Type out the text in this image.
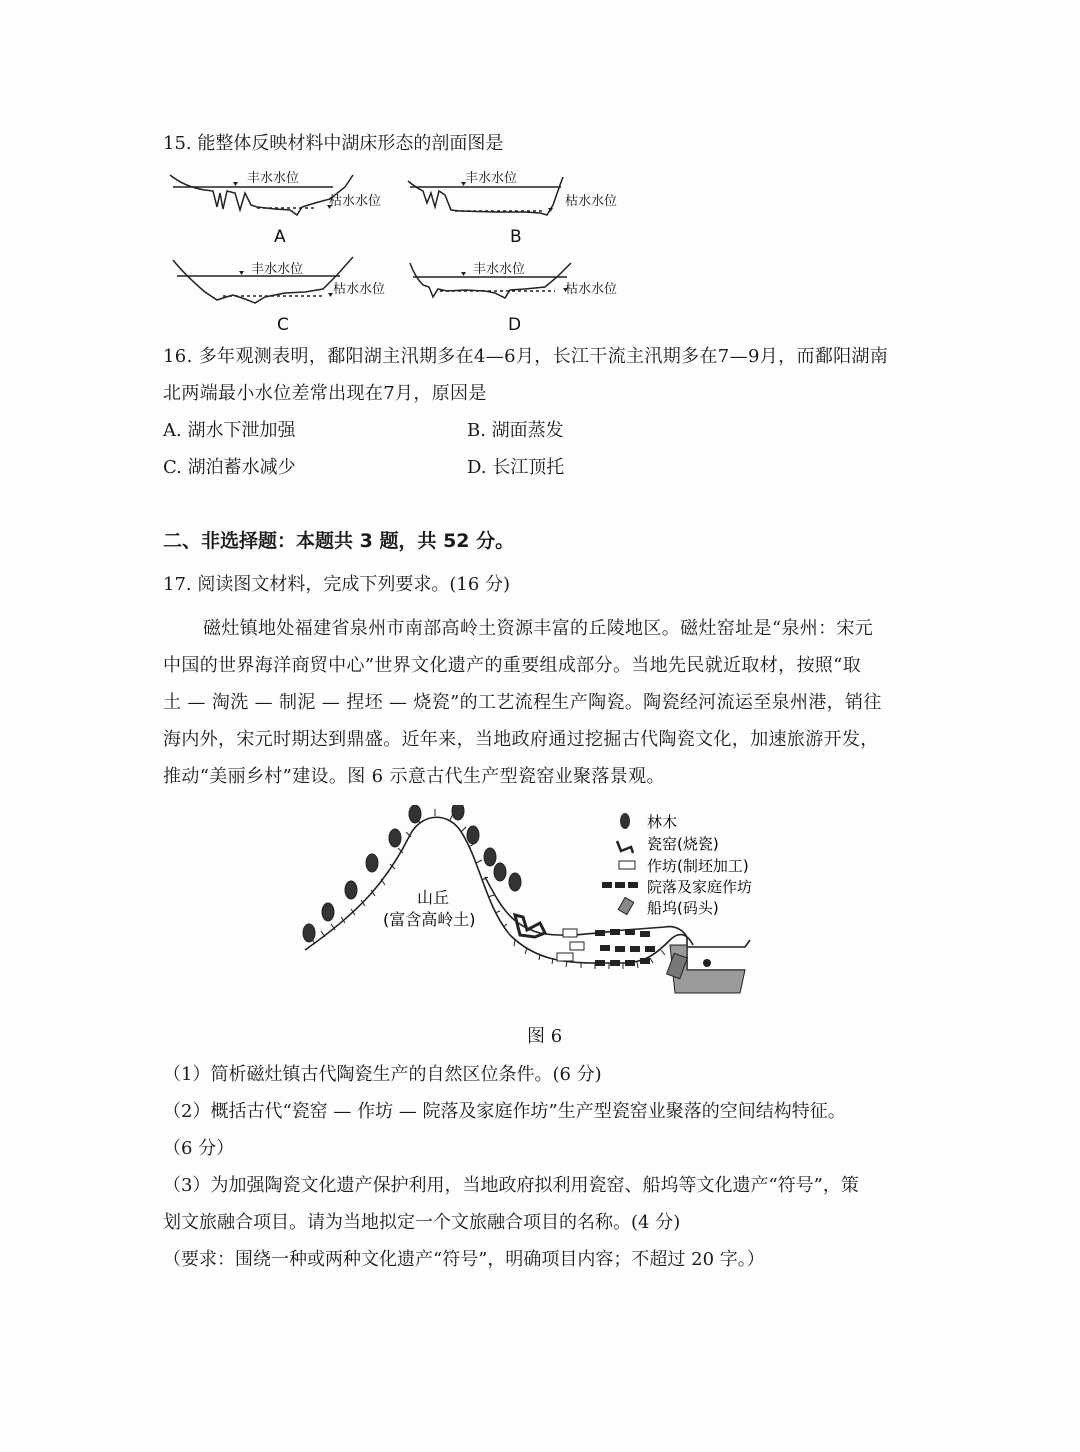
15. 能整体反映材料中湖床形态的剖面图是
丰水水位
枯水水位
丰水水位
枯水水位
丰水水位
枯水水位
丰水水位
枯水水位
A	B
C	D
16. 多年观测表明，鄱阳湖主汛期多在4—6月，长江干流主汛期多在7—9月，而鄱阳湖南
北两端最小水位差常出现在7月，原因是
A. 湖水下泄加强	B. 湖面蒸发
C. 湖泊蓄水减少	D. 长江顶托
二、非选择题：本题共 3 题，共 52 分。
17. 阅读图文材料，完成下列要求。(16 分)
磁灶镇地处福建省泉州市南部高岭土资源丰富的丘陵地区。磁灶窑址是“泉州：宋元
中国的世界海洋商贸中心”世界文化遗产的重要组成部分。当地先民就近取材，按照“取
土 — 淘洗 — 制泥 — 捏坯 — 烧瓷”的工艺流程生产陶瓷。陶瓷经河流运至泉州港，销往
海内外，宋元时期达到鼎盛。近年来，当地政府通过挖掘古代陶瓷文化，加速旅游开发，
推动“美丽乡村”建设。图 6 示意古代生产型瓷窑业聚落景观。
山丘
(富含高岭土)
林木
瓷窑(烧瓷)
作坊(制坯加工)
院落及家庭作坊
船坞(码头)
图 6
（1）简析磁灶镇古代陶瓷生产的自然区位条件。(6 分)
（2）概括古代“瓷窑 — 作坊 — 院落及家庭作坊”生产型瓷窑业聚落的空间结构特征。
（6 分）
（3）为加强陶瓷文化遗产保护利用，当地政府拟利用瓷窑、船坞等文化遗产“符号”，策
划文旅融合项目。请为当地拟定一个文旅融合项目的名称。(4 分)
（要求：围绕一种或两种文化遗产“符号”，明确项目内容；不超过 20 字。）
